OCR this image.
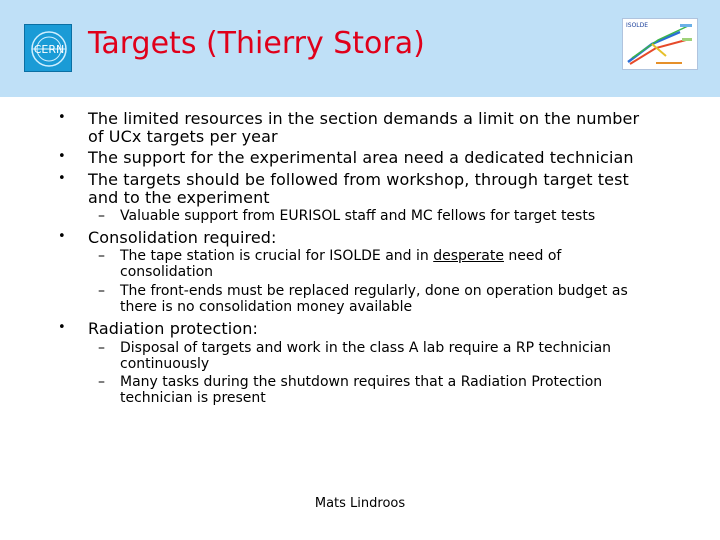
CERN Targets (Thierry Stora)
ISOLDE
• The limited resources in the section demands a limit on the number
of UCx targets per year
• The support for the experimental area need a dedicated technician
• The targets should be followed from workshop, through target test
and to the experiment
– Valuable support from EURISOL staff and MC fellows for target tests
• Consolidation required:
– The tape station is crucial for ISOLDE and in desperate need of
consolidation
– The front-ends must be replaced regularly, done on operation budget as
there is no consolidation money available
• Radiation protection:
– Disposal of targets and work in the class A lab require a RP technician
continuously
– Many tasks during the shutdown requires that a Radiation Protection
technician is present
Mats Lindroos
